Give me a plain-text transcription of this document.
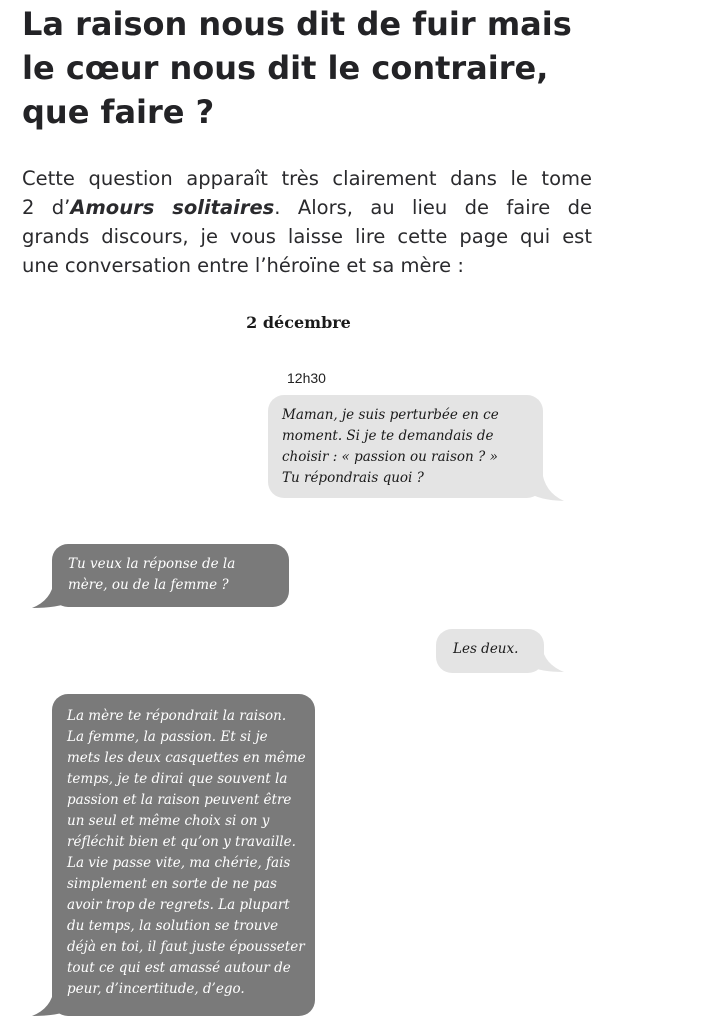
La raison nous dit de fuir mais
le cœur nous dit le contraire,
que faire ?

Cette question apparaît très clairement dans le tome
2 d’Amours solitaires. Alors, au lieu de faire de
grands discours, je vous laisse lire cette page qui est
une conversation entre l’héroïne et sa mère :

2 décembre
12h30
Maman, je suis perturbée en ce
moment. Si je te demandais de
choisir : « passion ou raison ? »
Tu répondrais quoi ?
Tu veux la réponse de la
mère, ou de la femme ?
Les deux.
La mère te répondrait la raison.
La femme, la passion. Et si je
mets les deux casquettes en même
temps, je te dirai que souvent la
passion et la raison peuvent être
un seul et même choix si on y
réfléchit bien et qu’on y travaille.
La vie passe vite, ma chérie, fais
simplement en sorte de ne pas
avoir trop de regrets. La plupart
du temps, la solution se trouve
déjà en toi, il faut juste épousseter
tout ce qui est amassé autour de
peur, d’incertitude, d’ego.
